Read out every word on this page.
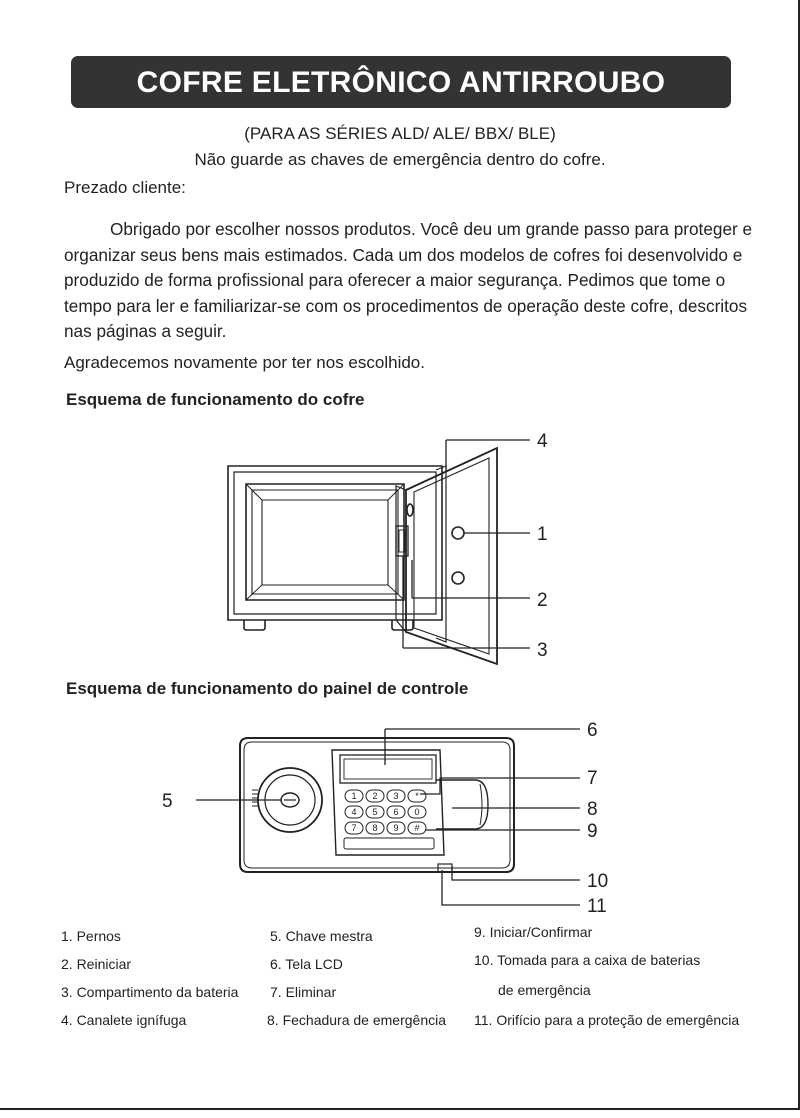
COFRE ELETRÔNICO ANTIRROUBO
(PARA AS SÉRIES ALD/ ALE/ BBX/ BLE)
Não guarde as chaves de emergência dentro do cofre.
Prezado cliente:
Obrigado por escolher nossos produtos. Você deu um grande passo para proteger e organizar seus bens mais estimados. Cada um dos modelos de cofres foi desenvolvido e produzido de forma profissional para oferecer a maior segurança. Pedimos que tome o tempo para ler e familiarizar-se com os procedimentos de operação deste cofre, descritos nas páginas a seguir.
Agradecemos novamente por ter nos escolhido.
Esquema de funcionamento do cofre
Esquema de funcionamento do painel de controle
4
1
2
3
1 2 3 *
4 5 6 0
7 8 9 #
6
5
7
8
9
10
11
1. Pernos
2. Reiniciar
3. Compartimento da bateria
4. Canalete ignífuga
5. Chave mestra
6. Tela LCD
7. Eliminar
8. Fechadura de emergência
9. Iniciar/Confirmar
10. Tomada para a caixa de baterias
de emergência
11. Orifício para a proteção de emergência
